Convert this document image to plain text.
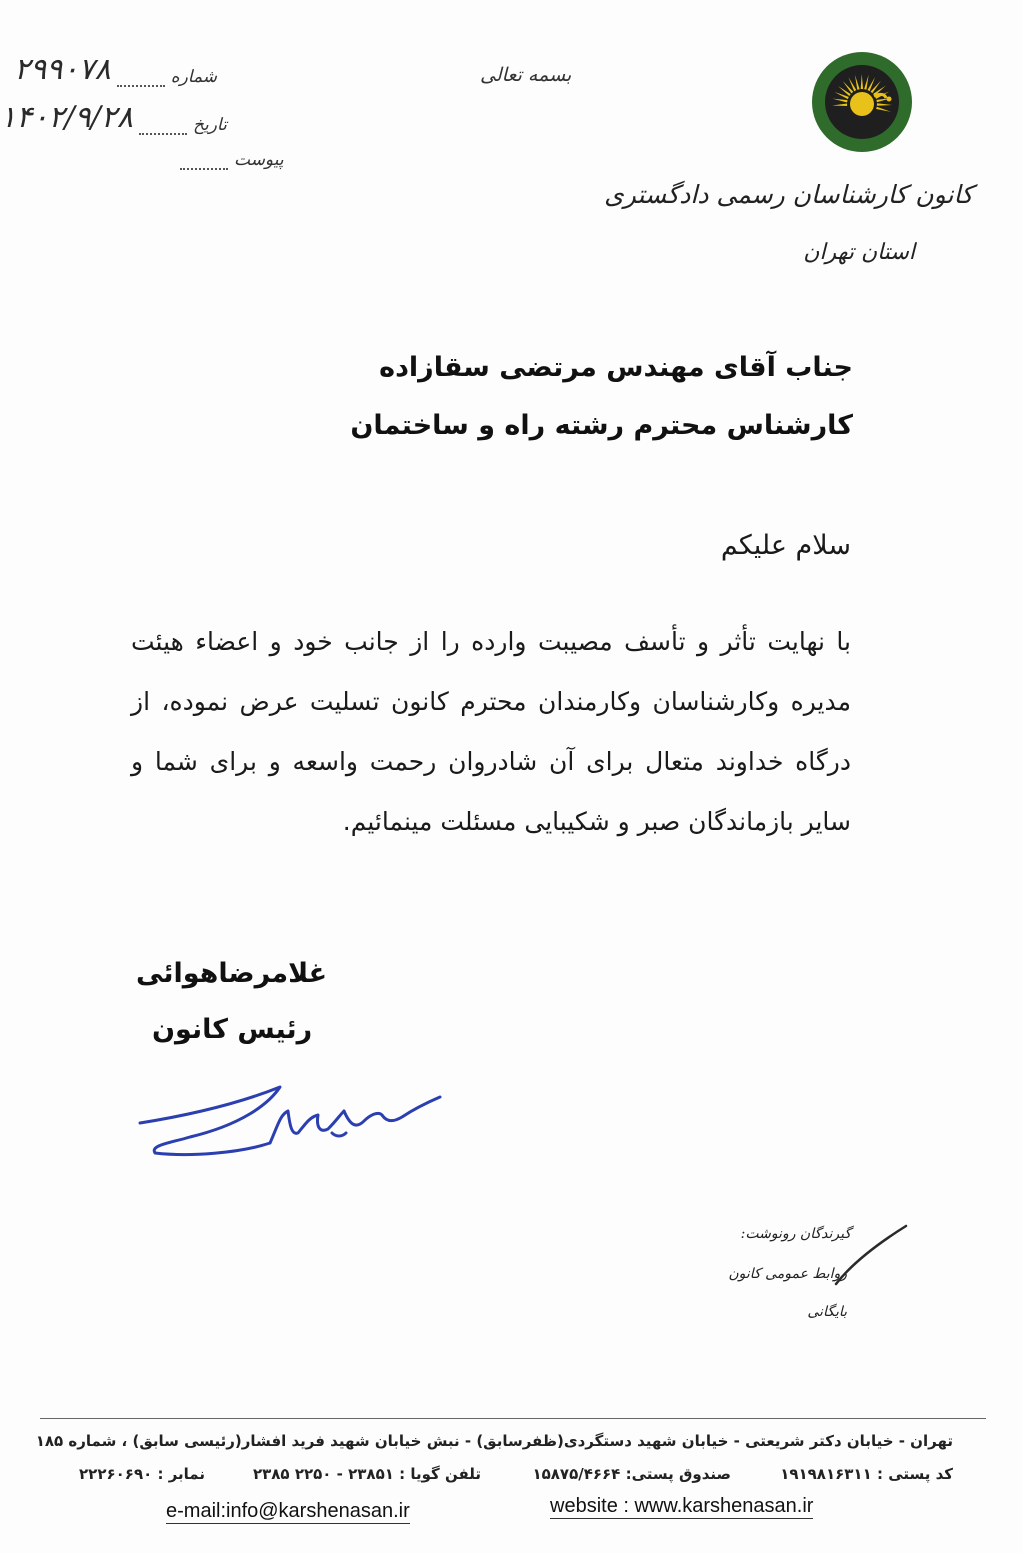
شماره
۲۹۹۰۷۸
تاریخ
۱۴۰۲/۹/۲۸
پیوست
بسمه تعالی
کانون کارشناسان رسمی دادگستری
استان تهران
جناب آقای مهندس مرتضی سقازاده
کارشناس محترم رشته راه و ساختمان
سلام علیکم
با نهایت تأثر و تأسف مصیبت وارده را از جانب خود و اعضاء هیئت مدیره وکارشناسان وکارمندان محترم کانون تسلیت عرض نموده، از درگاه خداوند متعال برای آن شادروان رحمت واسعه و برای شما و سایر بازماندگان صبر و شکیبایی مسئلت مینمائیم.
غلامرضاهوائی
رئیس کانون
گیرندگان رونوشت:
روابط عمومی کانون
بایگانی
تهران - خیابان دکتر شریعتی - خیابان شهید دستگردی(ظفرسابق) - نبش خیابان شهید فرید افشار(رئیسی سابق) ، شماره ۱۸۵
کد پستی : ۱۹۱۹۸۱۶۳۱۱
صندوق پستی: ۱۵۸۷۵/۴۶۶۴
تلفن گویا : ۲۳۸۵۱ - ۲۲۵۰ ۲۳۸۵
نمابر : ۲۲۲۶۰۶۹۰
website : www.karshenasan.ir
e-mail:info@karshenasan.ir
